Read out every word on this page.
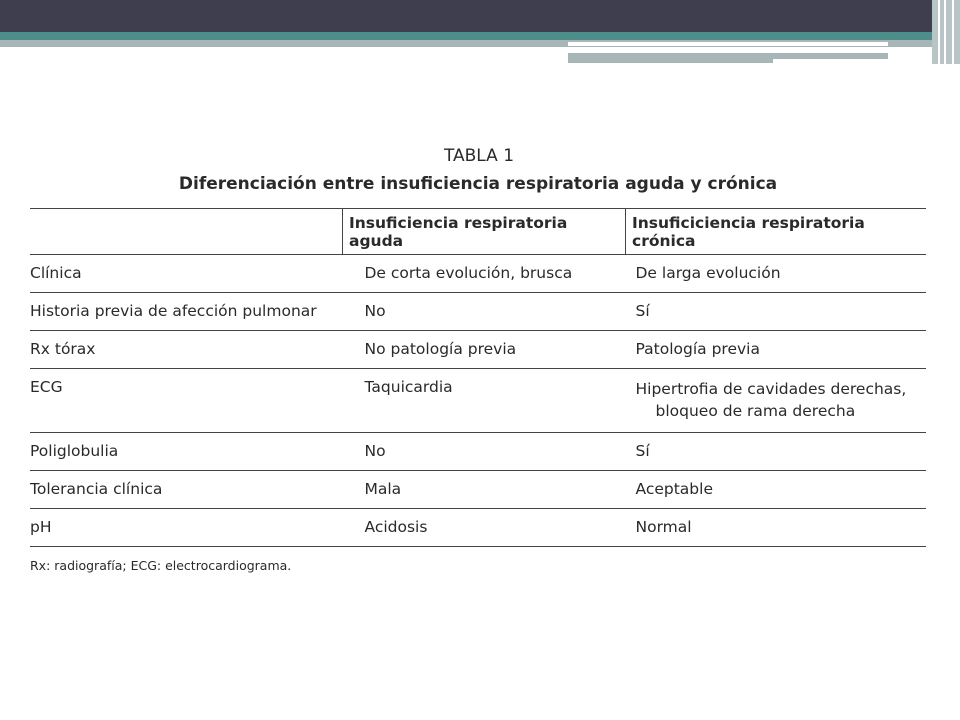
TABLA 1
Diferenciación entre insuficiencia respiratoria aguda y crónica
	Insuficiencia respiratoria aguda	Insuficiciencia respiratoria crónica
Clínica	De corta evolución, brusca	De larga evolución
Historia previa de afección pulmonar	No	Sí
Rx tórax	No patología previa	Patología previa
ECG	Taquicardia	Hipertrofia de cavidades derechas,
bloqueo de rama derecha

Poliglobulia	No	Sí
Tolerancia clínica	Mala	Aceptable
pH	Acidosis	Normal
Rx: radiografía; ECG: electrocardiograma.
